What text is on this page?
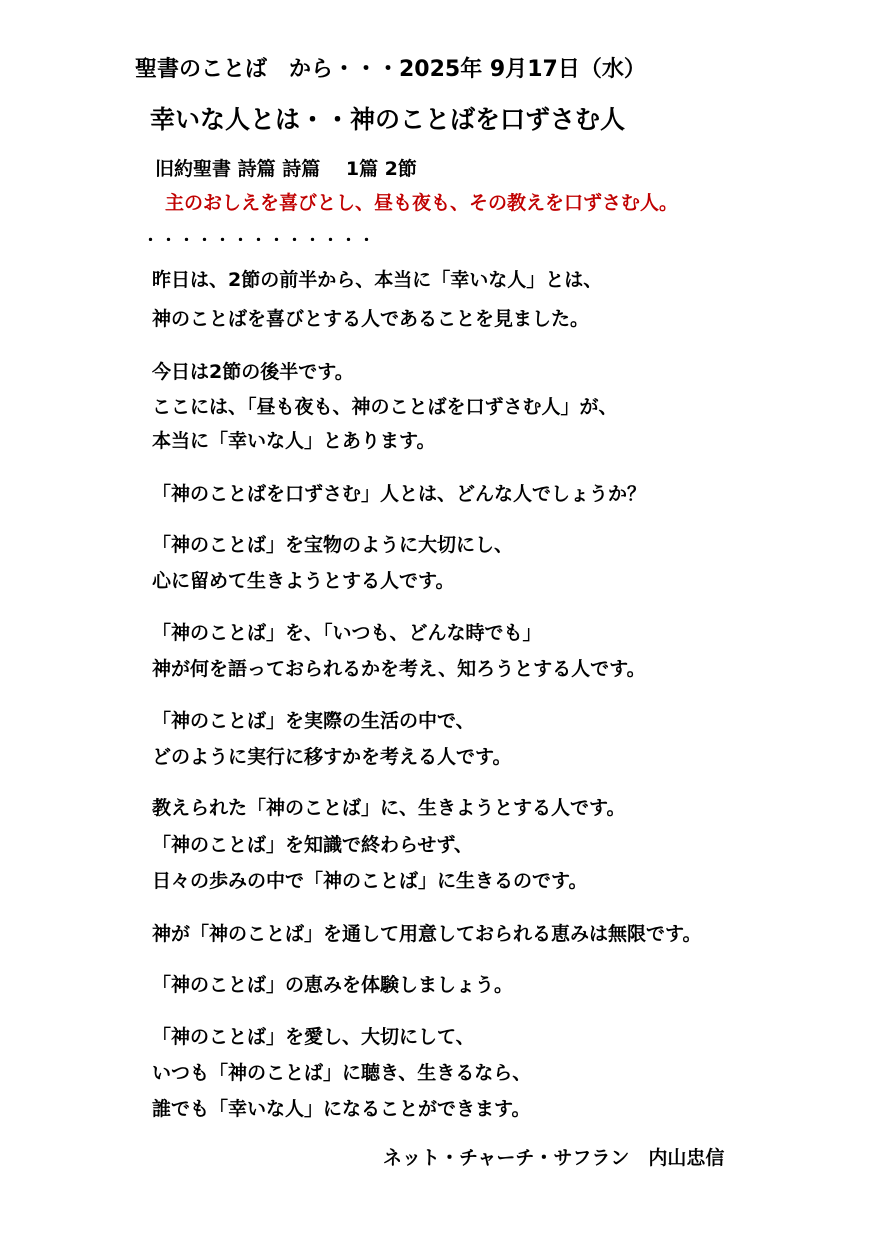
聖書のことば　から・・・2025年 9月17日（水）
幸いな人とは・・神のことばを口ずさむ人
旧約聖書 詩篇 詩篇 　1篇 2節
主のおしえを喜びとし、昼も夜も、その教えを口ずさむ人。
・・・・・・・・・・・・・
昨日は、2節の前半から、本当に「幸いな人」とは、
神のことばを喜びとする人であることを見ました。
今日は2節の後半です。
ここには、「昼も夜も、神のことばを口ずさむ人」が、
本当に「幸いな人」とあります。
「神のことばを口ずさむ」人とは、どんな人でしょうか？
「神のことば」を宝物のように大切にし、
心に留めて生きようとする人です。
「神のことば」を、「いつも、どんな時でも」
神が何を語っておられるかを考え、知ろうとする人です。
「神のことば」を実際の生活の中で、
どのように実行に移すかを考える人です。
教えられた「神のことば」に、生きようとする人です。
「神のことば」を知識で終わらせず、
日々の歩みの中で「神のことば」に生きるのです。
神が「神のことば」を通して用意しておられる恵みは無限です。
「神のことば」の恵みを体験しましょう。
「神のことば」を愛し、大切にして、
いつも「神のことば」に聴き、生きるなら、
誰でも「幸いな人」になることができます。
ネット・チャーチ・サフラン　内山忠信
